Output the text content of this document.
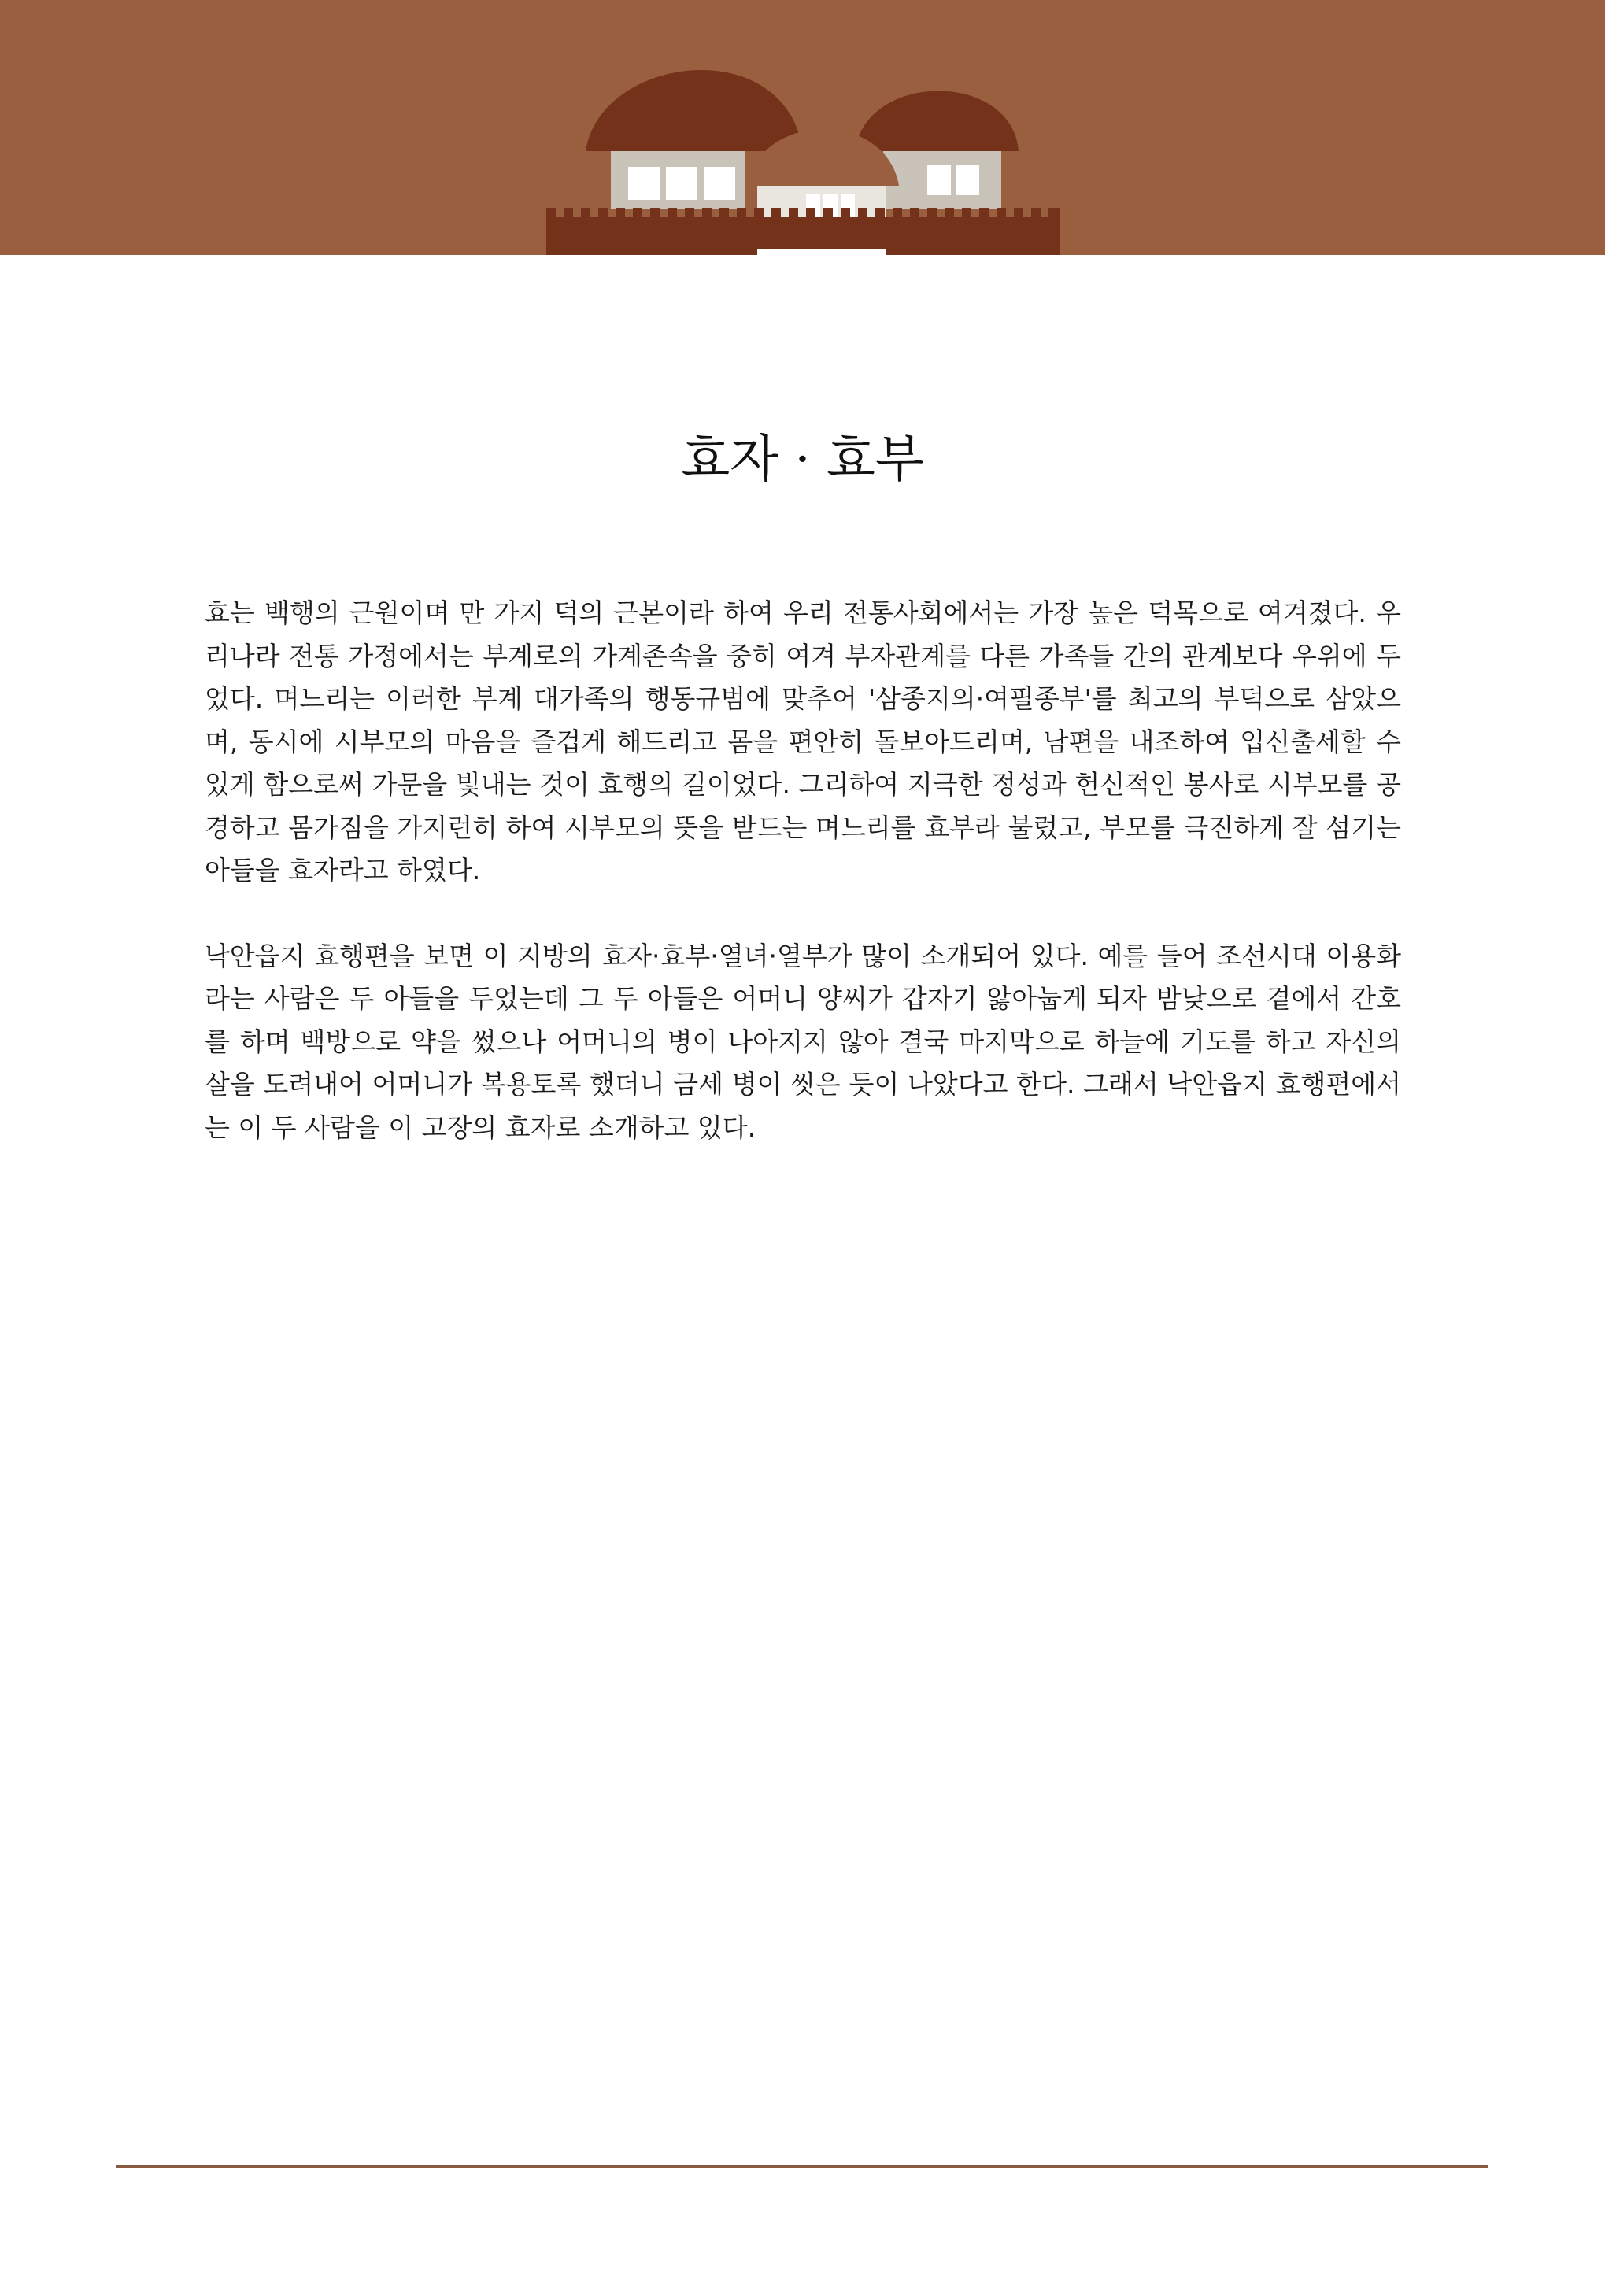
효자 · 효부

효는 백행의 근원이며 만 가지 덕의 근본이라 하여 우리 전통사회에서는 가장 높은 덕목으로 여겨졌다. 우리나라 전통 가정에서는 부계로의 가계존속을 중히 여겨 부자관계를 다른 가족들 간의 관계보다 우위에 두었다. 며느리는 이러한 부계 대가족의 행동규범에 맞추어 '삼종지의·여필종부'를 최고의 부덕으로 삼았으며, 동시에 시부모의 마음을 즐겁게 해드리고 몸을 편안히 돌보아드리며, 남편을 내조하여 입신출세할 수 있게 함으로써 가문을 빛내는 것이 효행의 길이었다. 그리하여 지극한 정성과 헌신적인 봉사로 시부모를 공경하고 몸가짐을 가지런히 하여 시부모의 뜻을 받드는 며느리를 효부라 불렀고, 부모를 극진하게 잘 섬기는 아들을 효자라고 하였다.

낙안읍지 효행편을 보면 이 지방의 효자·효부·열녀·열부가 많이 소개되어 있다. 예를 들어 조선시대 이용화라는 사람은 두 아들을 두었는데 그 두 아들은 어머니 양씨가 갑자기 앓아눕게 되자 밤낮으로 곁에서 간호를 하며 백방으로 약을 썼으나 어머니의 병이 나아지지 않아 결국 마지막으로 하늘에 기도를 하고 자신의 살을 도려내어 어머니가 복용토록 했더니 금세 병이 씻은 듯이 나았다고 한다. 그래서 낙안읍지 효행편에서는 이 두 사람을 이 고장의 효자로 소개하고 있다.
